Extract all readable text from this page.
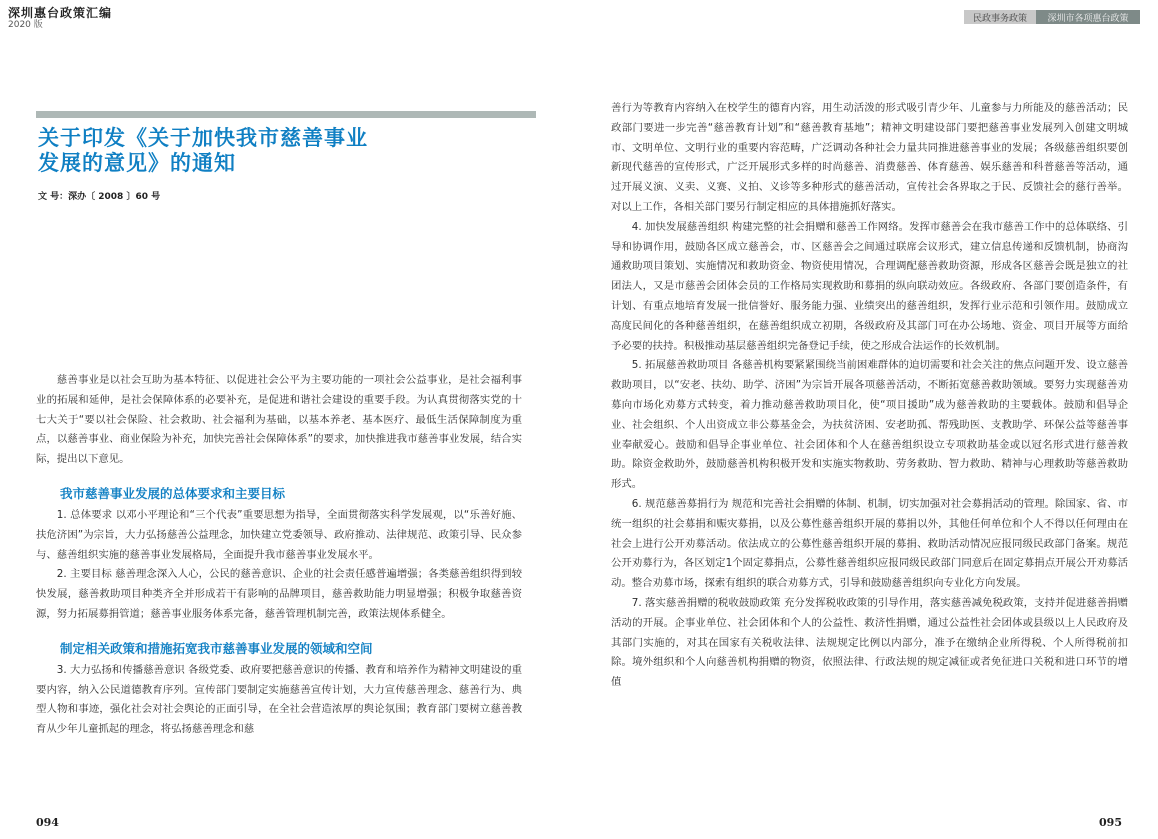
深圳惠台政策汇编
2020 版
民政事务政策	深圳市各项惠台政策
关于印发《关于加快我市慈善事业
发展的意见》的通知
文 号：深办〔 2008 〕60 号

慈善事业是以社会互助为基本特征、以促进社会公平为主要功能的一项社会公益事业，是社会福利事业的拓展和延伸，是社会保障体系的必要补充，是促进和谐社会建设的重要手段。为认真贯彻落实党的十七大关于“要以社会保险、社会救助、社会福利为基础，以基本养老、基本医疗、最低生活保障制度为重点，以慈善事业、商业保险为补充，加快完善社会保障体系”的要求，加快推进我市慈善事业发展，结合实际，提出以下意见。

我市慈善事业发展的总体要求和主要目标

1. 总体要求 以邓小平理论和“三个代表”重要思想为指导，全面贯彻落实科学发展观，以“乐善好施、扶危济困”为宗旨，大力弘扬慈善公益理念，加快建立党委领导、政府推动、法律规范、政策引导、民众参与、慈善组织实施的慈善事业发展格局，全面提升我市慈善事业发展水平。

2. 主要目标 慈善理念深入人心，公民的慈善意识、企业的社会责任感普遍增强；各类慈善组织得到较快发展，慈善救助项目种类齐全并形成若干有影响的品牌项目，慈善救助能力明显增强；积极争取慈善资源，努力拓展募捐管道；慈善事业服务体系完备，慈善管理机制完善，政策法规体系健全。

制定相关政策和措施拓宽我市慈善事业发展的领域和空间

3. 大力弘扬和传播慈善意识 各级党委、政府要把慈善意识的传播、教育和培养作为精神文明建设的重要内容，纳入公民道德教育序列。宣传部门要制定实施慈善宣传计划，大力宣传慈善理念、慈善行为、典型人物和事迹，强化社会对社会舆论的正面引导，在全社会营造浓厚的舆论氛围；教育部门要树立慈善教育从少年儿童抓起的理念，将弘扬慈善理念和慈

094

善行为等教育内容纳入在校学生的德育内容，用生动活泼的形式吸引青少年、儿童参与力所能及的慈善活动；民政部门要进一步完善“慈善教育计划”和“慈善教育基地”；精神文明建设部门要把慈善事业发展列入创建文明城市、文明单位、文明行业的重要内容范畴，广泛调动各种社会力量共同推进慈善事业的发展；各级慈善组织要创新现代慈善的宣传形式，广泛开展形式多样的时尚慈善、消费慈善、体育慈善、娱乐慈善和科普慈善等活动，通过开展义演、义卖、义赛、义拍、义诊等多种形式的慈善活动，宣传社会各界取之于民、反馈社会的慈行善举。对以上工作，各相关部门要另行制定相应的具体措施抓好落实。

4. 加快发展慈善组织 构建完整的社会捐赠和慈善工作网络。发挥市慈善会在我市慈善工作中的总体联络、引导和协调作用，鼓励各区成立慈善会，市、区慈善会之间通过联席会议形式，建立信息传递和反馈机制，协商沟通救助项目策划、实施情况和救助资金、物资使用情况，合理调配慈善救助资源，形成各区慈善会既是独立的社团法人，又是市慈善会团体会员的工作格局实现救助和募捐的纵向联动效应。各级政府、各部门要创造条件，有计划、有重点地培育发展一批信誉好、服务能力强、业绩突出的慈善组织，发挥行业示范和引领作用。鼓励成立高度民间化的各种慈善组织，在慈善组织成立初期，各级政府及其部门可在办公场地、资金、项目开展等方面给予必要的扶持。积极推动基层慈善组织完备登记手续，使之形成合法运作的长效机制。

5. 拓展慈善救助项目 各慈善机构要紧紧围绕当前困难群体的迫切需要和社会关注的焦点问题开发、设立慈善救助项目，以“安老、扶幼、助学、济困”为宗旨开展各项慈善活动，不断拓宽慈善救助领域。要努力实现慈善劝募向市场化劝募方式转变，着力推动慈善救助项目化，使“项目援助”成为慈善救助的主要载体。鼓励和倡导企业、社会组织、个人出资成立非公募基金会，为扶贫济困、安老助孤、帮残助医、支教助学、环保公益等慈善事业奉献爱心。鼓励和倡导企事业单位、社会团体和个人在慈善组织设立专项救助基金或以冠名形式进行慈善救助。除资金救助外，鼓励慈善机构积极开发和实施实物救助、劳务救助、智力救助、精神与心理救助等慈善救助形式。

6. 规范慈善募捐行为 规范和完善社会捐赠的体制、机制，切实加强对社会募捐活动的管理。除国家、省、市统一组织的社会募捐和赈灾募捐，以及公募性慈善组织开展的募捐以外，其他任何单位和个人不得以任何理由在社会上进行公开劝募活动。依法成立的公募性慈善组织开展的募捐、救助活动情况应报同级民政部门备案。规范公开劝募行为，各区划定1个固定募捐点，公募性慈善组织应报同级民政部门同意后在固定募捐点开展公开劝募活动。整合劝募市场，探索有组织的联合劝募方式，引导和鼓励慈善组织向专业化方向发展。

7. 落实慈善捐赠的税收鼓励政策 充分发挥税收政策的引导作用，落实慈善减免税政策，支持并促进慈善捐赠活动的开展。企事业单位、社会团体和个人的公益性、救济性捐赠，通过公益性社会团体或县级以上人民政府及其部门实施的，对其在国家有关税收法律、法规规定比例以内部分，准予在缴纳企业所得税、个人所得税前扣除。境外组织和个人向慈善机构捐赠的物资，依照法律、行政法规的规定减征或者免征进口关税和进口环节的增值

095
